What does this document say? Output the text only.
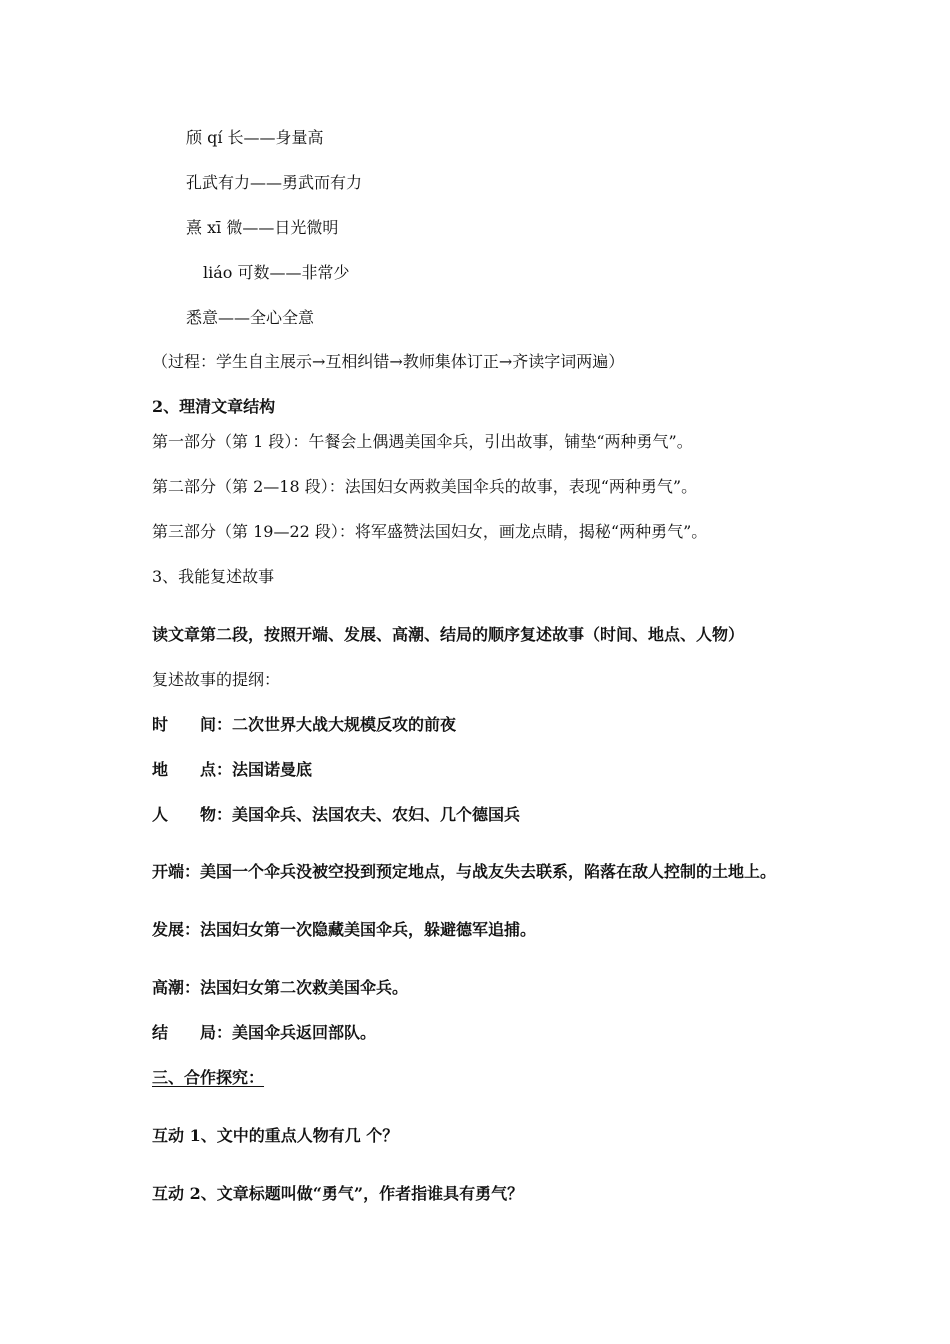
颀 qí 长——身量高
孔武有力——勇武而有力
熹 xī 微——日光微明
liáo 可数——非常少
悉意——全心全意
（过程：学生自主展示→互相纠错→教师集体订正→齐读字词两遍）
2、理清文章结构
第一部分（第 1 段）：午餐会上偶遇美国伞兵，引出故事，铺垫“两种勇气”。
第二部分（第 2—18 段）：法国妇女两救美国伞兵的故事，表现“两种勇气”。
第三部分（第 19—22 段）：将军盛赞法国妇女，画龙点睛，揭秘“两种勇气”。
3、我能复述故事
读文章第二段，按照开端、发展、高潮、结局的顺序复述故事（时间、地点、人物）
复述故事的提纲：
时　　间：二次世界大战大规模反攻的前夜
地　　点：法国诺曼底
人　　物：美国伞兵、法国农夫、农妇、几个德国兵
开端：美国一个伞兵没被空投到预定地点，与战友失去联系，陷落在敌人控制的土地上。
发展：法国妇女第一次隐藏美国伞兵，躲避德军追捕。
高潮：法国妇女第二次救美国伞兵。
结　　局：美国伞兵返回部队。
三、合作探究：
互动 1、文中的重点人物有几 个？
互动 2、文章标题叫做“勇气”，作者指谁具有勇气？
